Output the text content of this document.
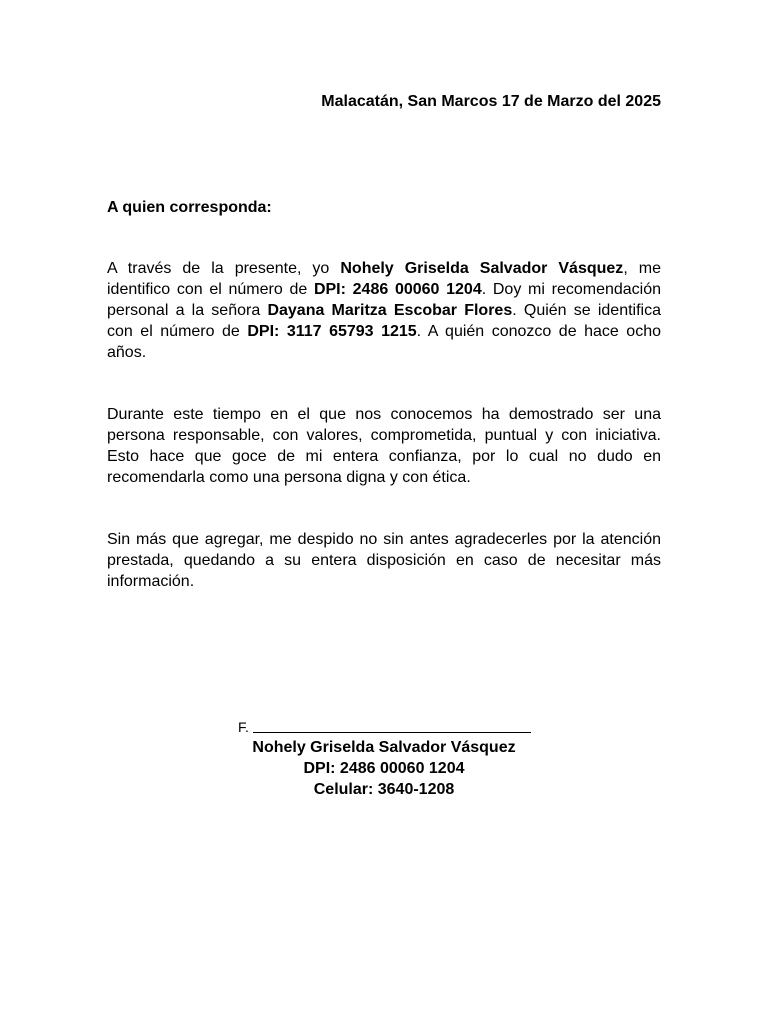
Malacatán, San Marcos 17 de Marzo del 2025
A quien corresponda:

A través de la presente, yo Nohely Griselda Salvador Vásquez, me identifico con el número de DPI: 2486 00060 1204. Doy mi recomendación personal a la señora Dayana Maritza Escobar Flores. Quién se identifica con el número de DPI: 3117 65793 1215. A quién conozco de hace ocho años.

Durante este tiempo en el que nos conocemos ha demostrado ser una persona responsable, con valores, comprometida, puntual y con iniciativa. Esto hace que goce de mi entera confianza, por lo cual no dudo en recomendarla como una persona digna y con ética.

Sin más que agregar, me despido no sin antes agradecerles por la atención prestada, quedando a su entera disposición en caso de necesitar más información.

F.
Nohely Griselda Salvador Vásquez
DPI: 2486 00060 1204
Celular: 3640-1208
